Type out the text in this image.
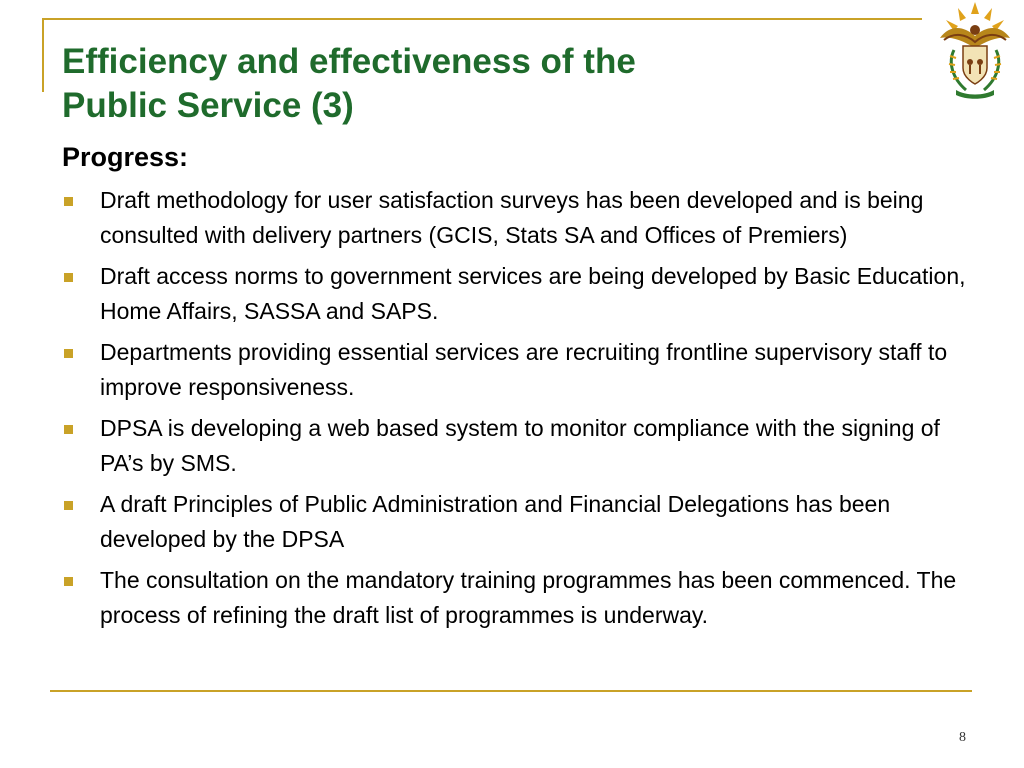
Efficiency and effectiveness of the
Public Service (3)
Progress:
Draft methodology for user satisfaction surveys has been developed and is being consulted with delivery partners (GCIS, Stats SA and Offices of Premiers)
Draft access norms to government services are being developed by Basic Education, Home Affairs, SASSA and SAPS.
Departments providing essential services are recruiting frontline supervisory staff to improve responsiveness.
DPSA is developing a web based system to monitor compliance with the signing of PA’s by SMS.
A draft Principles of Public Administration and Financial Delegations has been developed by the DPSA
The consultation on the mandatory training programmes has been commenced. The process of refining the draft list of programmes is underway.
8
